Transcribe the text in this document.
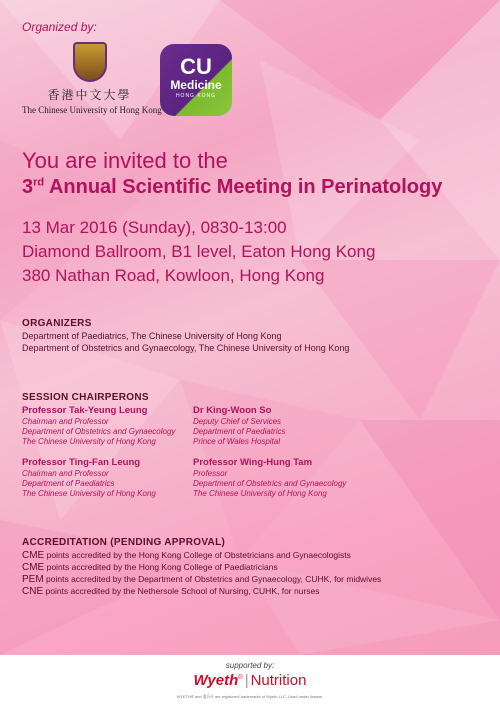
Organized by:
香港中文大學
The Chinese University of Hong Kong
CU
Medicine
HONG KONG
You are invited to the
3rd Annual Scientific Meeting in Perinatology
13 Mar 2016 (Sunday), 0830-13:00
Diamond Ballroom, B1 level, Eaton Hong Kong
380 Nathan Road, Kowloon, Hong Kong
ORGANIZERS
Department of Paediatrics, The Chinese University of Hong Kong
Department of Obstetrics and Gynaecology, The Chinese University of Hong Kong
SESSION CHAIRPERONS
Professor Tak-Yeung Leung
Chairman and Professor
Department of Obstetrics and Gynaecology
The Chinese University of Hong Kong
Dr King-Woon So
Deputy Chief of Services
Department of Paediatrics
Prince of Wales Hospital
Professor Ting-Fan Leung
Chairman and Professor
Department of Paediatrics
The Chinese University of Hong Kong
Professor Wing-Hung Tam
Professor
Department of Obstetrics and Gynaecology
The Chinese University of Hong Kong
ACCREDITATION (PENDING APPROVAL)
CME points accredited by the Hong Kong College of Obstetricians and Gynaecologists
CME points accredited by the Hong Kong College of Paediatricians
PEM points accredited by the Department of Obstetrics and Gynaecology, CUHK, for midwives
CNE points accredited by the Nethersole School of Nursing, CUHK, for nurses
supported by:
Wyeth® | Nutrition
WYETH® and 惠氏® are registered trademarks of Wyeth LLC. Used under license.
